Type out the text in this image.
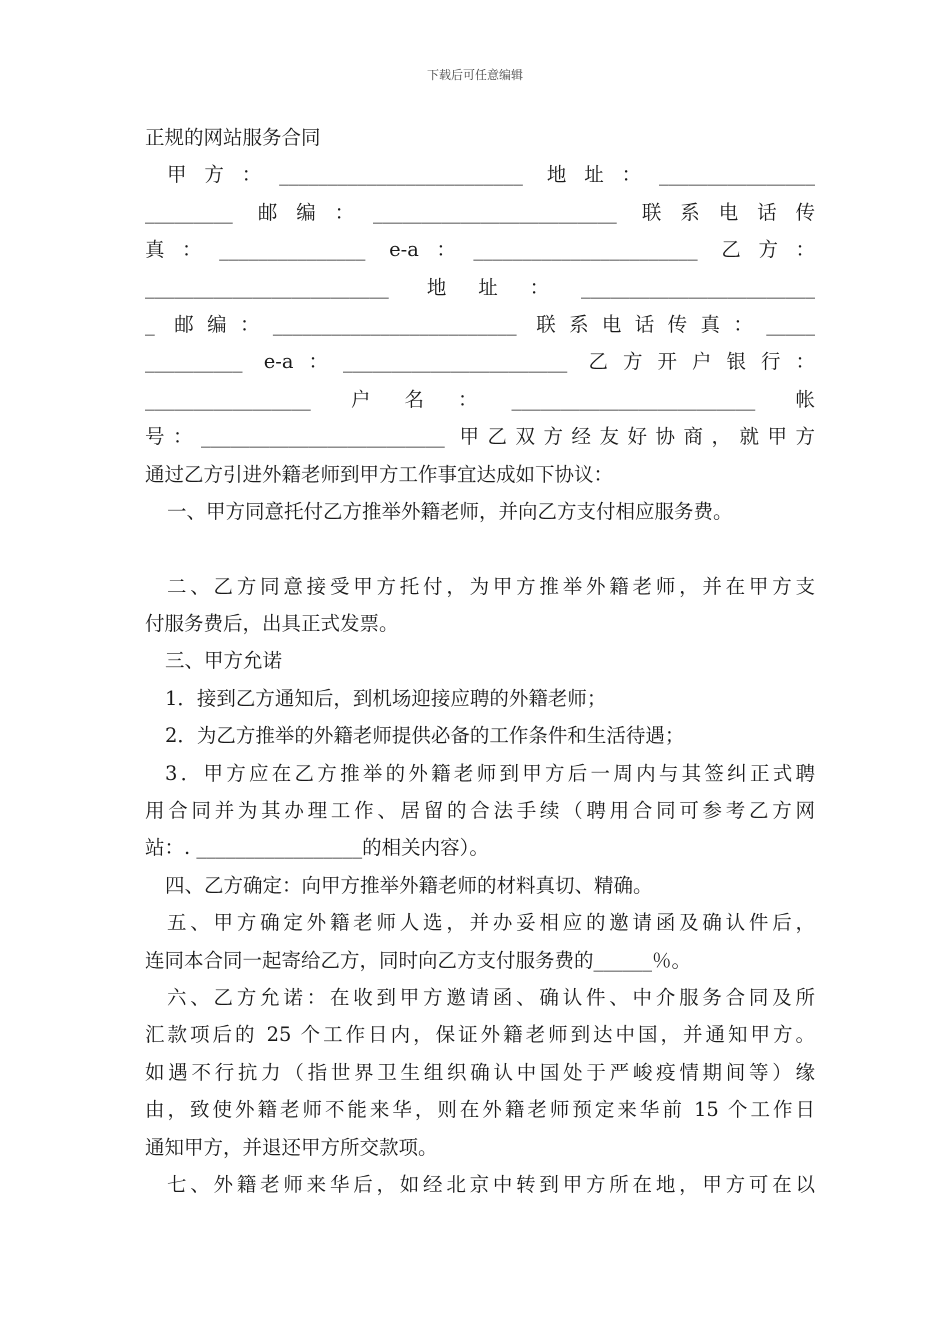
下载后可任意编辑
正规的网站服务合同
甲方：_________________________ 地址：________________
_________ 邮编：_________________________ 联系电话传
真：_______________ e-a：_______________________ 乙方：
_________________________ 地址：________________________
_ 邮编：_________________________ 联系电话传真：_____
__________ e-a：_______________________ 乙方开户银行：
_________________ 户名：_________________________ 帐
号：_________________________ 甲乙双方经友好协商，就甲方
通过乙方引进外籍老师到甲方工作事宜达成如下协议：
一、甲方同意托付乙方推举外籍老师，并向乙方支付相应服务费。
二、乙方同意接受甲方托付，为甲方推举外籍老师，并在甲方支
付服务费后，出具正式发票。
三、甲方允诺
1．接到乙方通知后，到机场迎接应聘的外籍老师；
2．为乙方推举的外籍老师提供必备的工作条件和生活待遇；
3．甲方应在乙方推举的外籍老师到甲方后一周内与其签纠正式聘
用合同并为其办理工作、居留的合法手续（聘用合同可参考乙方网
站：. _________________的相关内容）。
四、乙方确定：向甲方推举外籍老师的材料真切、精确。
五、甲方确定外籍老师人选，并办妥相应的邀请函及确认件后，
连同本合同一起寄给乙方，同时向乙方支付服务费的______％。
六、乙方允诺：在收到甲方邀请函、确认件、中介服务合同及所
汇款项后的 25 个工作日内，保证外籍老师到达中国，并通知甲方。
如遇不行抗力（指世界卫生组织确认中国处于严峻疫情期间等）缘
由，致使外籍老师不能来华，则在外籍老师预定来华前 15 个工作日
通知甲方，并退还甲方所交款项。
七、外籍老师来华后，如经北京中转到甲方所在地，甲方可在以
